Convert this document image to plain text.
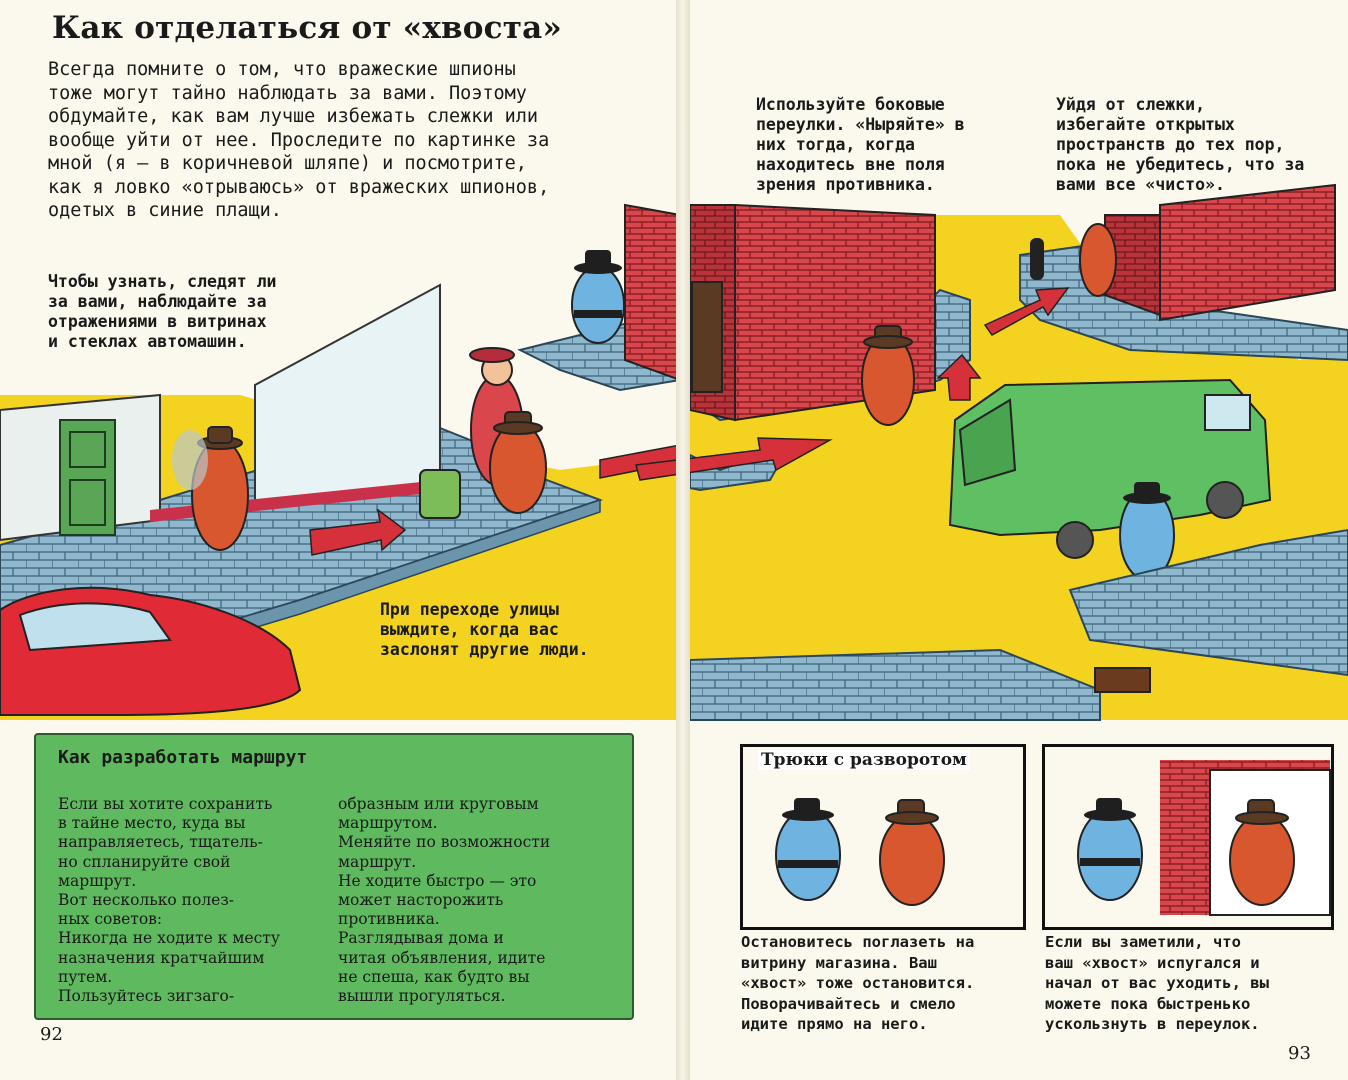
Как отделаться от «хвоста»
Всегда помните о том, что вражеские шпионы
тоже могут тайно наблюдать за вами. Поэтому
обдумайте, как вам лучше избежать слежки или
вообще уйти от нее. Проследите по картинке за
мной (я — в коричневой шляпе) и посмотрите,
как я ловко «отрываюсь» от вражеских шпионов,
одетых в синие плащи.
Чтобы узнать, следят ли
за вами, наблюдайте за
отражениями в витринах
и стеклах автомашин.
При переходе улицы
выждите, когда вас
заслонят другие люди.
Используйте боковые
переулки. «Ныряйте» в
них тогда, когда
находитесь вне поля
зрения противника.
Уйдя от слежки,
избегайте открытых
пространств до тех пор,
пока не убедитесь, что за
вами все «чисто».
Как разработать маршрут
Если вы хотите сохранить
в тайне место, куда вы
направляетесь, тщатель-
но спланируйте свой
маршрут.
Вот несколько полез-
ных советов:
Никогда не ходите к месту
назначения кратчайшим
путем.
Пользуйтесь зигзаго-
образным или круговым
маршрутом.
Меняйте по возможности
маршрут.
Не ходите быстро — это
может насторожить
противника.
Разглядывая дома и
читая объявления, идите
не спеша, как будто вы
вышли прогуляться.
Трюки с разворотом
Остановитесь поглазеть на
витрину магазина. Ваш
«хвост» тоже остановится.
Поворачивайтесь и смело
идите прямо на него.
Если вы заметили, что
ваш «хвост» испугался и
начал от вас уходить, вы
можете пока быстренько
ускользнуть в переулок.
92
93
